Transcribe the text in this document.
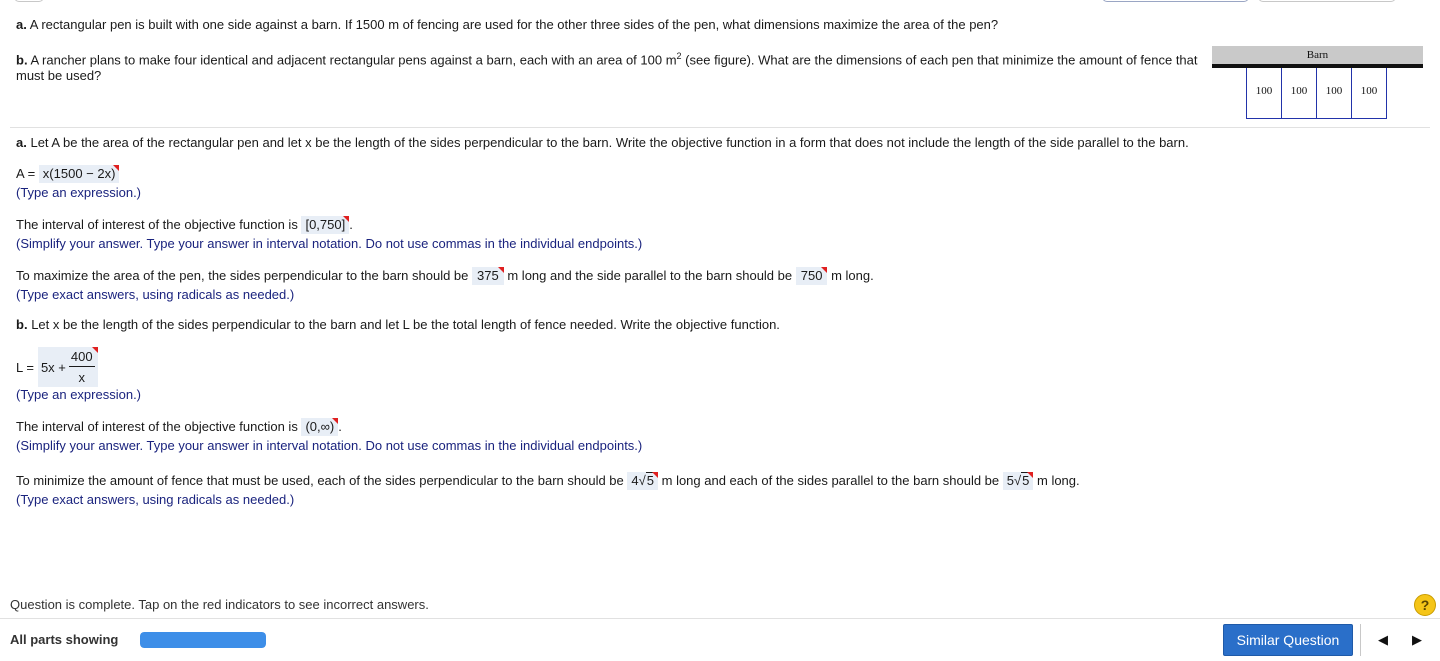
a. A rectangular pen is built with one side against a barn. If 1500 m of fencing are used for the other three sides of the pen, what dimensions maximize the area of the pen?
b. A rancher plans to make four identical and adjacent rectangular pens against a barn, each with an area of 100 $m^2$ (see figure). What are the dimensions of each pen that minimize the amount of fence that
must be used?
Barn
100	100	100	100
a. Let A be the area of the rectangular pen and let x be the length of the sides perpendicular to the barn. Write the objective function in a form that does not include the length of the side parallel to the barn.
A = x(1500 − 2x)
(Type an expression.)
The interval of interest of the objective function is [0,750] .
(Simplify your answer. Type your answer in interval notation. Do not use commas in the individual endpoints.)
To maximize the area of the pen, the sides perpendicular to the barn should be 375 m long and the side parallel to the barn should be 750 m long.
(Type exact answers, using radicals as needed.)
b. Let x be the length of the sides perpendicular to the barn and let L be the total length of fence needed. Write the objective function.
$L = 5x + \frac{400}{x}$
(Type an expression.)
The interval of interest of the objective function is (0,∞) .
(Simplify your answer. Type your answer in interval notation. Do not use commas in the individual endpoints.)
To minimize the amount of fence that must be used, each of the sides perpendicular to the barn should be 4√5 m long and each of the sides parallel to the barn should be 5√5 m long.
(Type exact answers, using radicals as needed.)
Question is complete. Tap on the red indicators to see incorrect answers.	?
All parts showing	Similar Question	◀	▶
